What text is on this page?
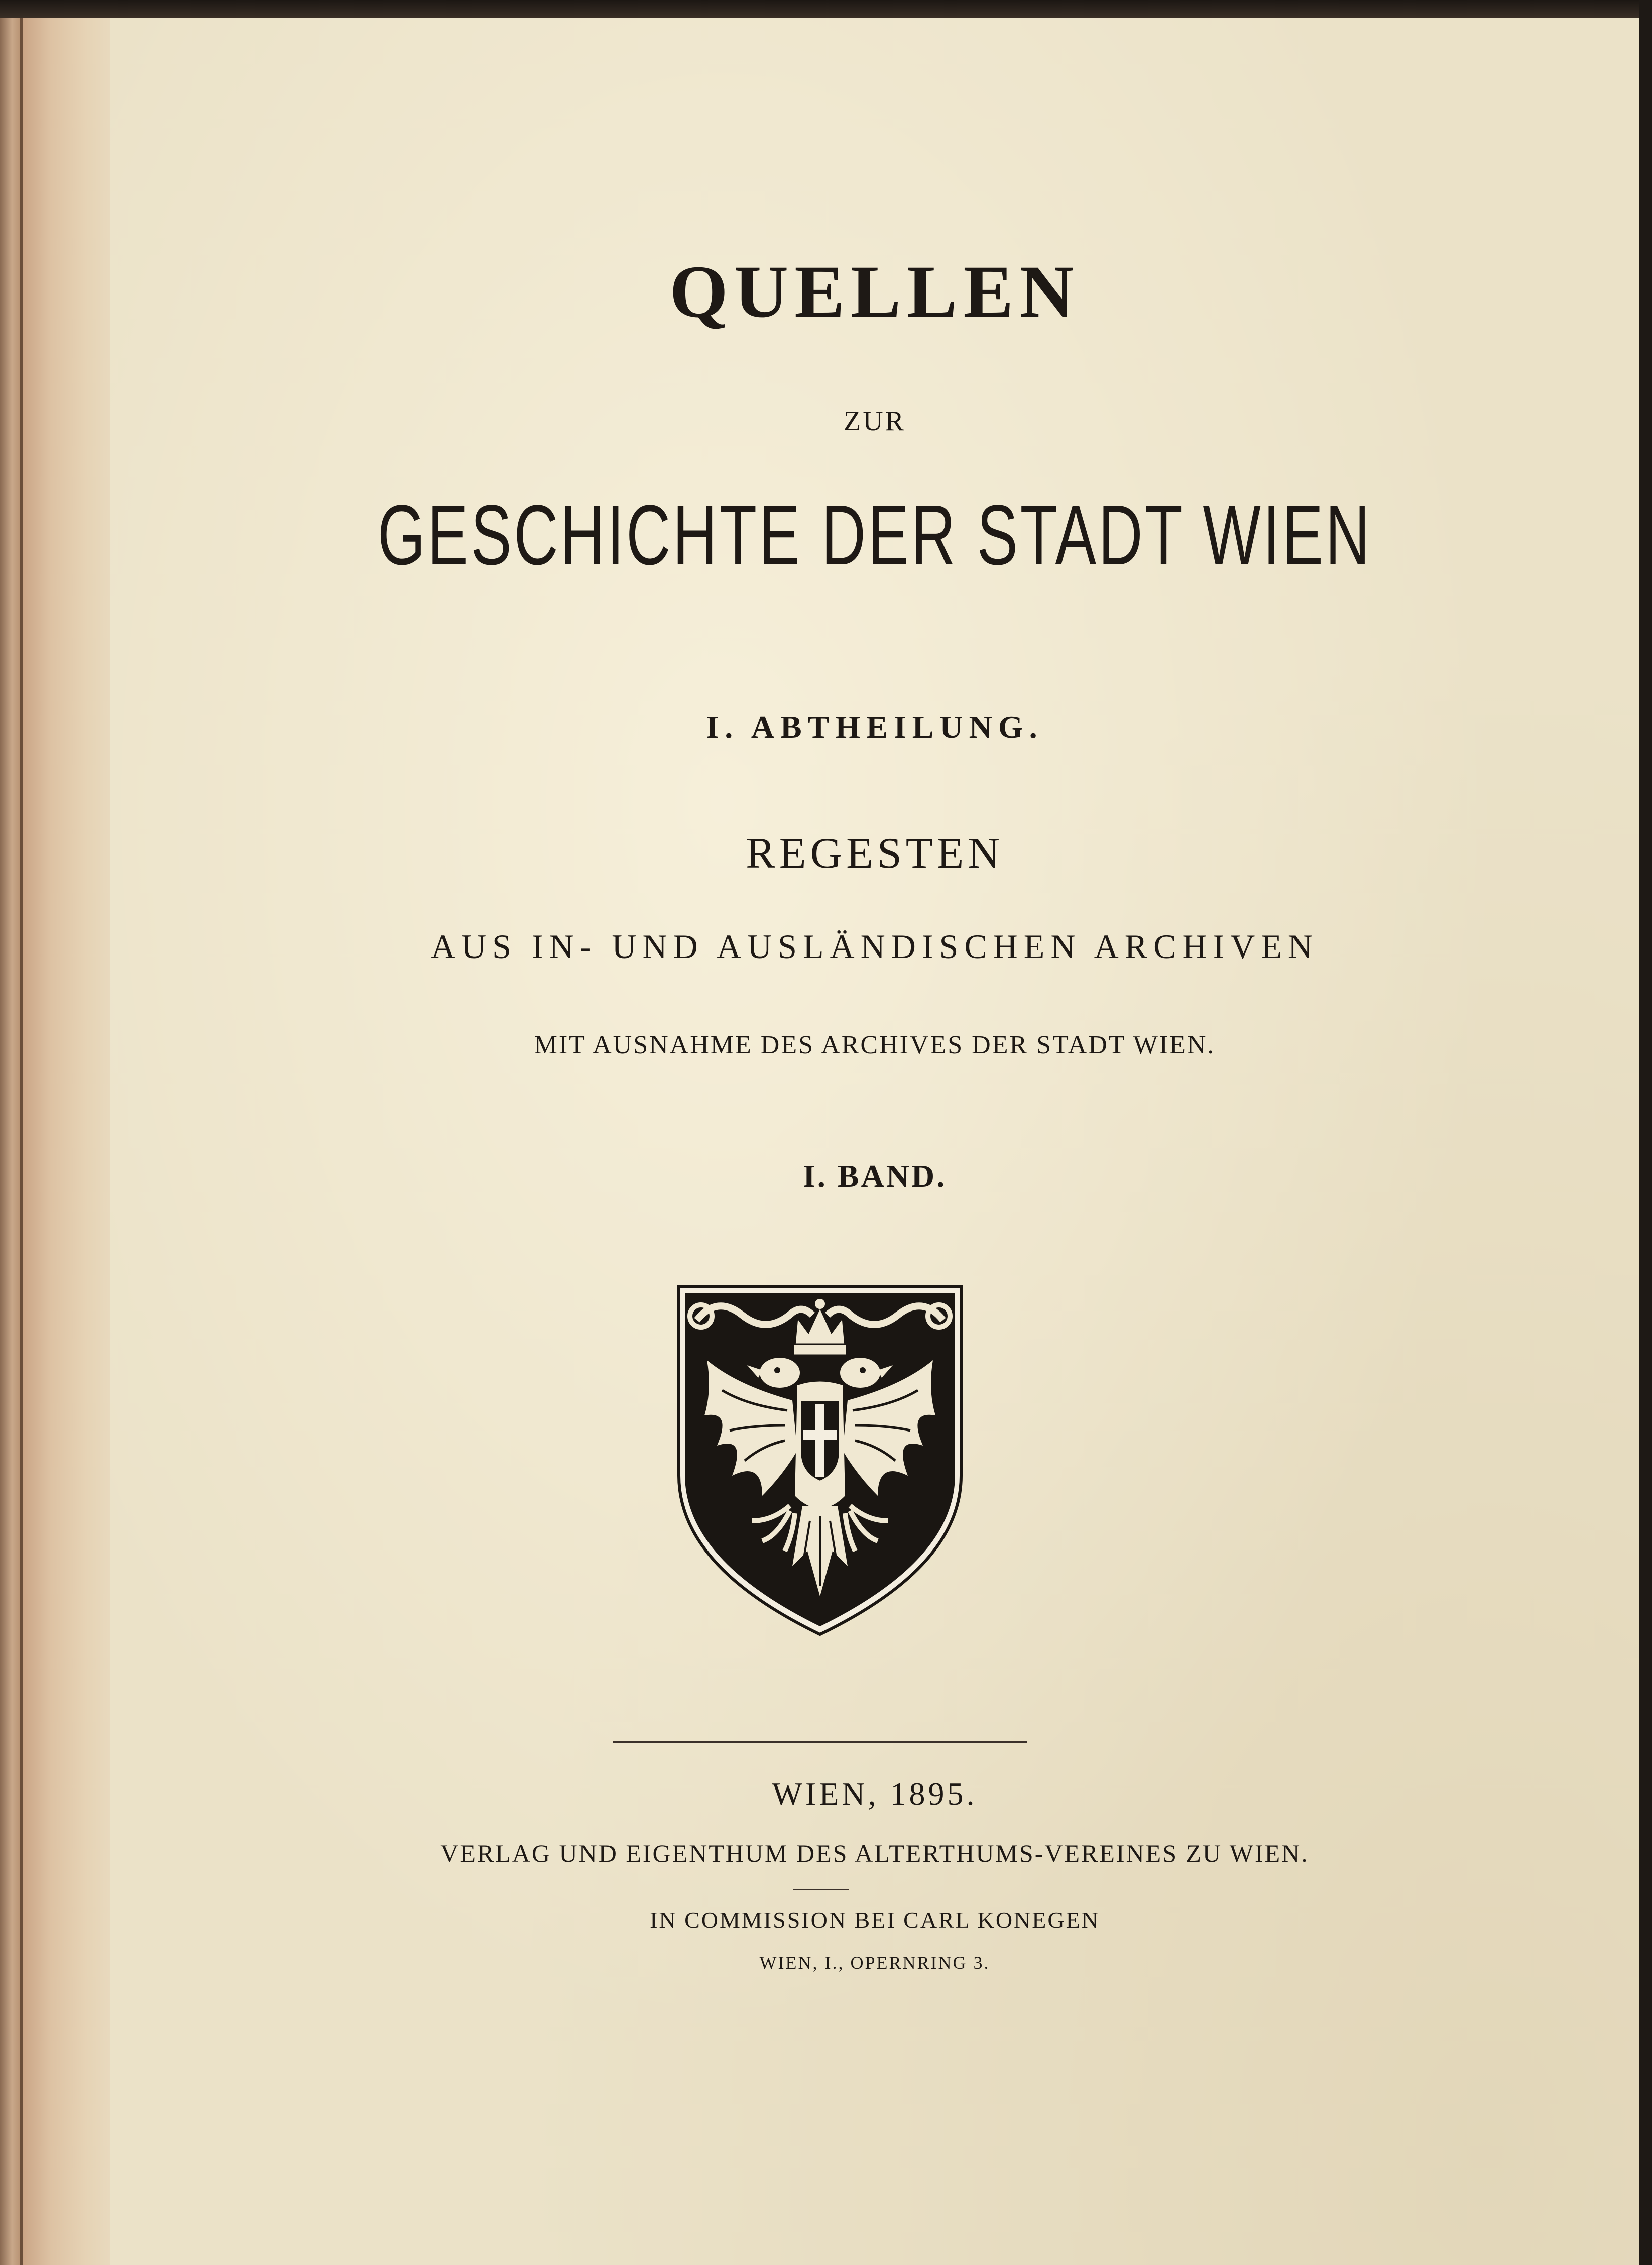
QUELLEN
ZUR
GESCHICHTE DER STADT WIEN
I. ABTHEILUNG.
REGESTEN
AUS IN- UND AUSLÄNDISCHEN ARCHIVEN
MIT AUSNAHME DES ARCHIVES DER STADT WIEN.
I. BAND.
WIEN, 1895.
VERLAG UND EIGENTHUM DES ALTERTHUMS-VEREINES ZU WIEN.
IN COMMISSION BEI CARL KONEGEN
WIEN, I., OPERNRING 3.
